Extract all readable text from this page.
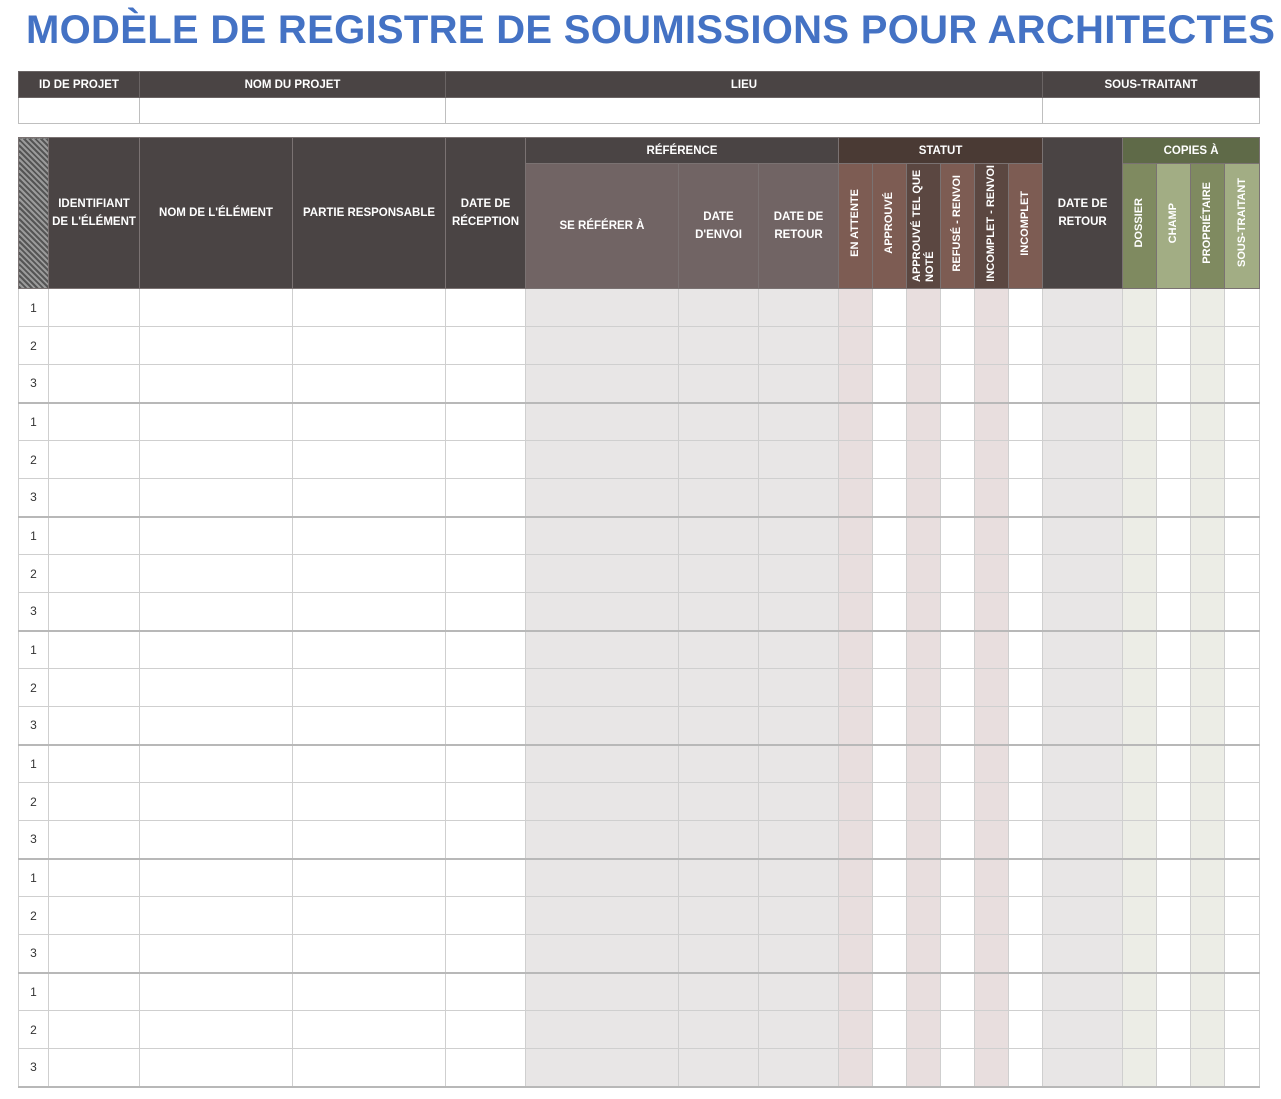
MODÈLE DE REGISTRE DE SOUMISSIONS POUR ARCHITECTES
ID DE PROJET	NOM DU PROJET	LIEU	SOUS-TRAITANT

	IDENTIFIANT DE L'ÉLÉMENT	NOM DE L'ÉLÉMENT	PARTIE RESPONSABLE	DATE DE RÉCEPTION	RÉFÉRENCE			STATUT						DATE DE RETOUR	COPIES À			
					SE RÉFÉRER À	DATE D'ENVOI	DATE DE RETOUR	EN ATTENTE	APPROUVÉ	APPROUVÉ TEL QUE NOTÉ	REFUSÉ - RENVOI	INCOMPLET - RENVOI	INCOMPLET		DOSSIER	CHAMP	PROPRIÉTAIRE	SOUS-TRAITANT
1																		
2																		
3																		
1																		
2																		
3																		
1																		
2																		
3																		
1																		
2																		
3																		
1																		
2																		
3																		
1																		
2																		
3																		
1																		
2																		
3																		
